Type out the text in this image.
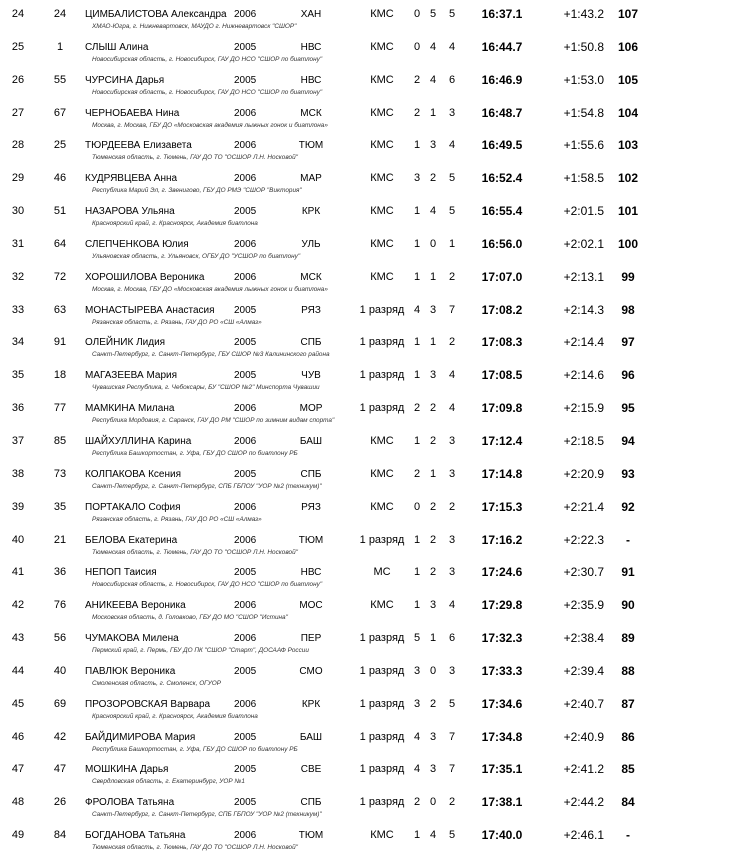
24	24	ЦИМБАЛИСТОВА Александра 2006	ХАН	КМС	0 5 5	16:37.1	+1:43.2	107
ХМАО-Югра, г. Нижневартовск, МАУДО г. Нижневартовск "СШОР"
25	1	СЛЫШ Алина	2005	НВС	КМС	0 4 4	16:44.7	+1:50.8	106
Новосибирская область, г. Новосибирск, ГАУ ДО НСО "СШОР по биатлону"
26	55	ЧУРСИНА Дарья	2005	НВС	КМС	2 4 6	16:46.9	+1:53.0	105
Новосибирская область, г. Новосибирск, ГАУ ДО НСО "СШОР по биатлону"
27	67	ЧЕРНОБАЕВА Нина	2006	МСК	КМС	2 1 3	16:48.7	+1:54.8	104
Москва, г. Москва, ГБУ ДО «Московская академия лыжных гонок и биатлона»
28	25	ТЮРДЕЕВА Елизавета	2006	ТЮМ	КМС	1 3 4	16:49.5	+1:55.6	103
Тюменская область, г. Тюмень, ГАУ ДО ТО "ОСШОР Л.Н. Носковой"
29	46	КУДРЯВЦЕВА Анна	2006	МАР	КМС	3 2 5	16:52.4	+1:58.5	102
Республика Марий Эл, г. Звенигово, ГБУ ДО РМЭ "СШОР "Виктория"
30	51	НАЗАРОВА Ульяна	2005	КРК	КМС	1 4 5	16:55.4	+2:01.5	101
Красноярский край, г. Красноярск, Академия биатлона
31	64	СЛЕПЧЕНКОВА Юлия	2006	УЛЬ	КМС	1 0 1	16:56.0	+2:02.1	100
Ульяновская область, г. Ульяновск, ОГБУ ДО "УСШОР по биатлону"
32	72	ХОРОШИЛОВА Вероника	2006	МСК	КМС	1 1 2	17:07.0	+2:13.1	99
Москва, г. Москва, ГБУ ДО «Московская академия лыжных гонок и биатлона»
33	63	МОНАСТЫРЕВА Анастасия 2005	РЯЗ	1 разряд 4 3 7	17:08.2	+2:14.3	98
Рязанская область, г. Рязань, ГАУ ДО РО «СШ «Алмаз»
34	91	ОЛЕЙНИК Лидия	2005	СПБ	1 разряд 1 1 2	17:08.3	+2:14.4	97
Санкт-Петербург, г. Санкт-Петербург, ГБУ СШОР №3 Калининского района
35	18	МАГАЗЕЕВА Мария	2005	ЧУВ	1 разряд 1 3 4	17:08.5	+2:14.6	96
Чувашская Республика, г. Чебоксары, БУ "СШОР №2" Минспорта Чувашии
36	77	МАМКИНА Милана	2006	МОР	1 разряд 2 2 4	17:09.8	+2:15.9	95
Республика Мордовия, г. Саранск, ГАУ ДО РМ "СШОР по зимним видам спорта"
37	85	ШАЙХУЛЛИНА Карина	2006	БАШ	КМС	1 2 3	17:12.4	+2:18.5	94
Республика Башкортостан, г. Уфа, ГБУ ДО СШОР по биатлону РБ
38	73	КОЛПАКОВА Ксения	2005	СПБ	КМС	2 1 3	17:14.8	+2:20.9	93
Санкт-Петербург, г. Санкт-Петербург, СПБ ГБПОУ "УОР №2 (техникум)"
39	35	ПОРТАКАЛО София	2006	РЯЗ	КМС	0 2 2	17:15.3	+2:21.4	92
Рязанская область, г. Рязань, ГАУ ДО РО «СШ «Алмаз»
40	21	БЕЛОВА Екатерина	2006	ТЮМ	1 разряд 1 2 3	17:16.2	+2:22.3	-
Тюменская область, г. Тюмень, ГАУ ДО ТО "ОСШОР Л.Н. Носковой"
41	36	НЕПОП Таисия	2005	НВС	МС	1 2 3	17:24.6	+2:30.7	91
Новосибирская область, г. Новосибирск, ГАУ ДО НСО "СШОР по биатлону"
42	76	АНИКЕЕВА Вероника	2006	МОС	КМС	1 3 4	17:29.8	+2:35.9	90
Московская область, д. Головково, ГБУ ДО МО "СШОР "Истина"
43	56	ЧУМАКОВА Милена	2006	ПЕР	1 разряд 5 1 6	17:32.3	+2:38.4	89
Пермский край, г. Пермь, ГБУ ДО ПК "СШОР "Старт", ДОСААФ России
44	40	ПАВЛЮК Вероника	2005	СМО	1 разряд 3 0 3	17:33.3	+2:39.4	88
Смоленская область, г. Смоленск, ОГУОР
45	69	ПРОЗОРОВСКАЯ Варвара 2006	КРК	1 разряд 3 2 5	17:34.6	+2:40.7	87
Красноярский край, г. Красноярск, Академия биатлона
46	42	БАЙДИМИРОВА Мария	2005	БАШ	1 разряд 4 3 7	17:34.8	+2:40.9	86
Республика Башкортостан, г. Уфа, ГБУ ДО СШОР по биатлону РБ
47	47	МОШКИНА Дарья	2005	СВЕ	1 разряд 4 3 7	17:35.1	+2:41.2	85
Свердловская область, г. Екатеринбург, УОР №1
48	26	ФРОЛОВА Татьяна	2005	СПБ	1 разряд 2 0 2	17:38.1	+2:44.2	84
Санкт-Петербург, г. Санкт-Петербург, СПБ ГБПОУ "УОР №2 (техникум)"
49	84	БОГДАНОВА Татьяна	2006	ТЮМ	КМС	1 4 5	17:40.0	+2:46.1	-
Тюменская область, г. Тюмень, ГАУ ДО ТО "ОСШОР Л.Н. Носковой"
